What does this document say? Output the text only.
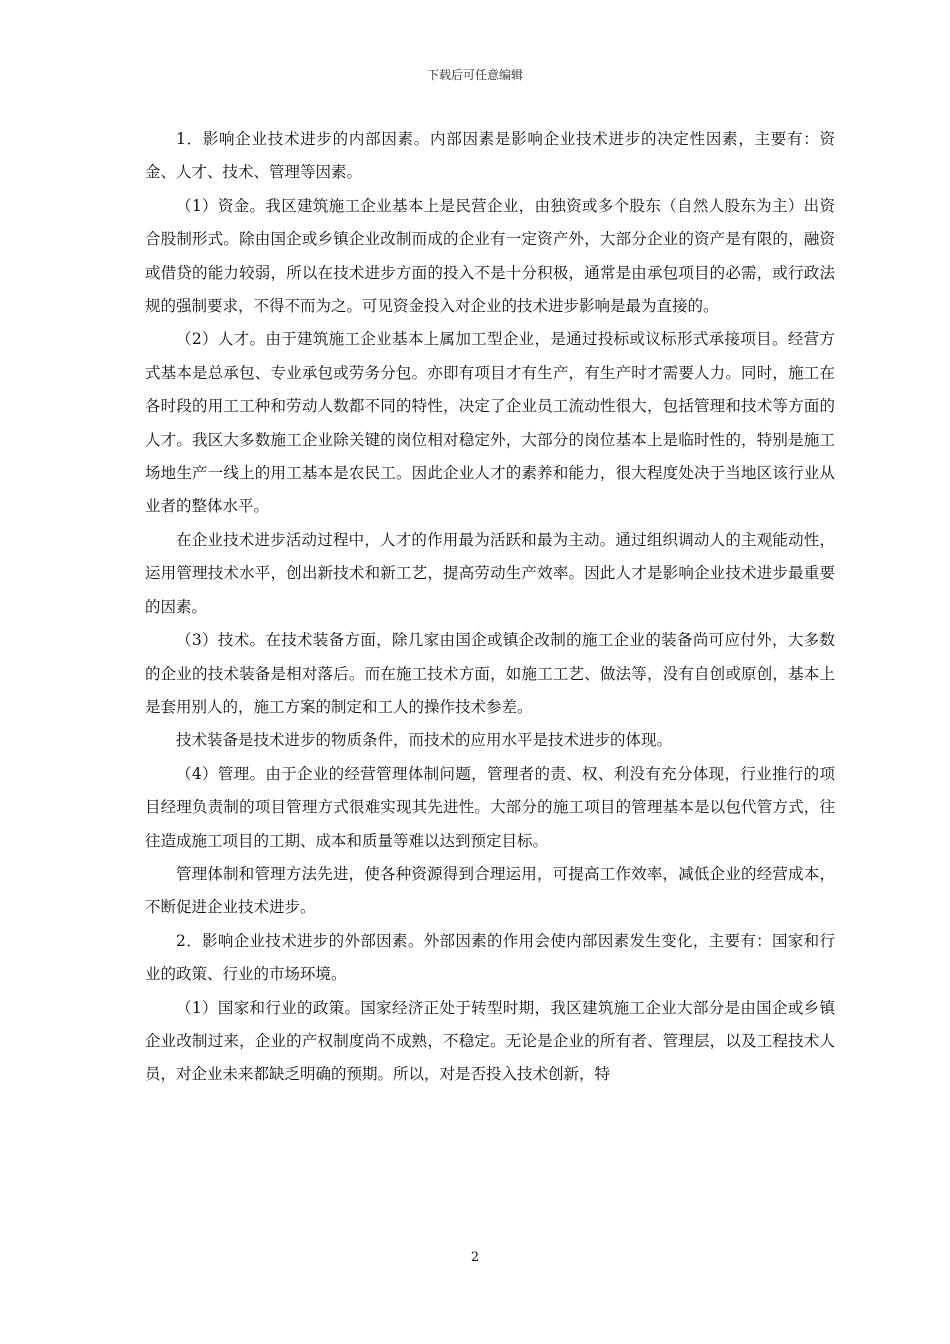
下载后可任意编辑

1．影响企业技术进步的内部因素。内部因素是影响企业技术进步的决定性因素，主要有：资金、人才、技术、管理等因素。

（1）资金。我区建筑施工企业基本上是民营企业，由独资或多个股东（自然人股东为主）出资合股制形式。除由国企或乡镇企业改制而成的企业有一定资产外，大部分企业的资产是有限的，融资或借贷的能力较弱，所以在技术进步方面的投入不是十分积极，通常是由承包项目的必需，或行政法规的强制要求，不得不而为之。可见资金投入对企业的技术进步影响是最为直接的。

（2）人才。由于建筑施工企业基本上属加工型企业，是通过投标或议标形式承接项目。经营方式基本是总承包、专业承包或劳务分包。亦即有项目才有生产，有生产时才需要人力。同时，施工在各时段的用工工种和劳动人数都不同的特性，决定了企业员工流动性很大，包括管理和技术等方面的人才。我区大多数施工企业除关键的岗位相对稳定外，大部分的岗位基本上是临时性的，特别是施工场地生产一线上的用工基本是农民工。因此企业人才的素养和能力，很大程度处决于当地区该行业从业者的整体水平。

在企业技术进步活动过程中，人才的作用最为活跃和最为主动。通过组织调动人的主观能动性，运用管理技术水平，创出新技术和新工艺，提高劳动生产效率。因此人才是影响企业技术进步最重要的因素。

（3）技术。在技术装备方面，除几家由国企或镇企改制的施工企业的装备尚可应付外，大多数的企业的技术装备是相对落后。而在施工技术方面，如施工工艺、做法等，没有自创或原创，基本上是套用别人的，施工方案的制定和工人的操作技术参差。

技术装备是技术进步的物质条件，而技术的应用水平是技术进步的体现。

（4）管理。由于企业的经营管理体制问题，管理者的责、权、利没有充分体现，行业推行的项目经理负责制的项目管理方式很难实现其先进性。大部分的施工项目的管理基本是以包代管方式，往往造成施工项目的工期、成本和质量等难以达到预定目标。

管理体制和管理方法先进，使各种资源得到合理运用，可提高工作效率，减低企业的经营成本，不断促进企业技术进步。

2．影响企业技术进步的外部因素。外部因素的作用会使内部因素发生变化，主要有：国家和行业的政策、行业的市场环境。

（1）国家和行业的政策。国家经济正处于转型时期，我区建筑施工企业大部分是由国企或乡镇企业改制过来，企业的产权制度尚不成熟，不稳定。无论是企业的所有者、管理层，以及工程技术人员，对企业未来都缺乏明确的预期。所以，对是否投入技术创新，特

2
